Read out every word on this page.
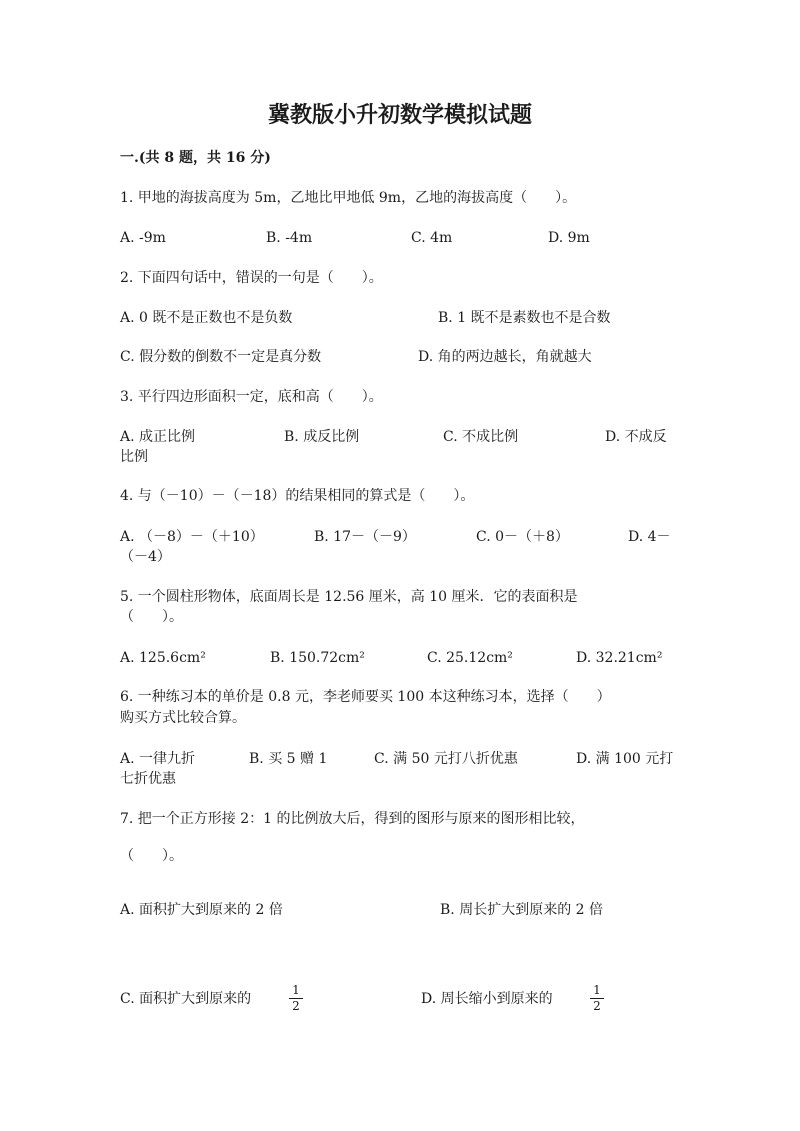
冀教版小升初数学模拟试题
一.(共 8 题，共 16 分)
1. 甲地的海拔高度为 5m，乙地比甲地低 9m，乙地的海拔高度（　　）。
A. -9m	B. -4m	C. 4m	D. 9m
2. 下面四句话中，错误的一句是（　　）。
A. 0 既不是正数也不是负数	B. 1 既不是素数也不是合数
C. 假分数的倒数不一定是真分数	D. 角的两边越长，角就越大
3. 平行四边形面积一定，底和高（　　）。
A. 成正比例	B. 成反比例	C. 不成比例	D. 不成反
比例
4. 与（－10）－（－18）的结果相同的算式是（　　）。
A. （－8）－（＋10）	B. 17－（－9）	C. 0－（＋8）	D. 4－
（－4）
5. 一个圆柱形物体，底面周长是 12.56 厘米，高 10 厘米．它的表面积是
（　　）。
A. 125.6cm²	B. 150.72cm²	C. 25.12cm²	D. 32.21cm²
6. 一种练习本的单价是 0.8 元，李老师要买 100 本这种练习本，选择（　　）
购买方式比较合算。
A. 一律九折	B. 买 5 赠 1	C. 满 50 元打八折优惠	D. 满 100 元打
七折优惠
7. 把一个正方形接 2：1 的比例放大后，得到的图形与原来的图形相比较，
（　　）。
A. 面积扩大到原来的 2 倍	B. 周长扩大到原来的 2 倍
C. 面积扩大到原来的	$\frac{1}{2}$	D. 周长缩小到原来的	$\frac{1}{2}$
